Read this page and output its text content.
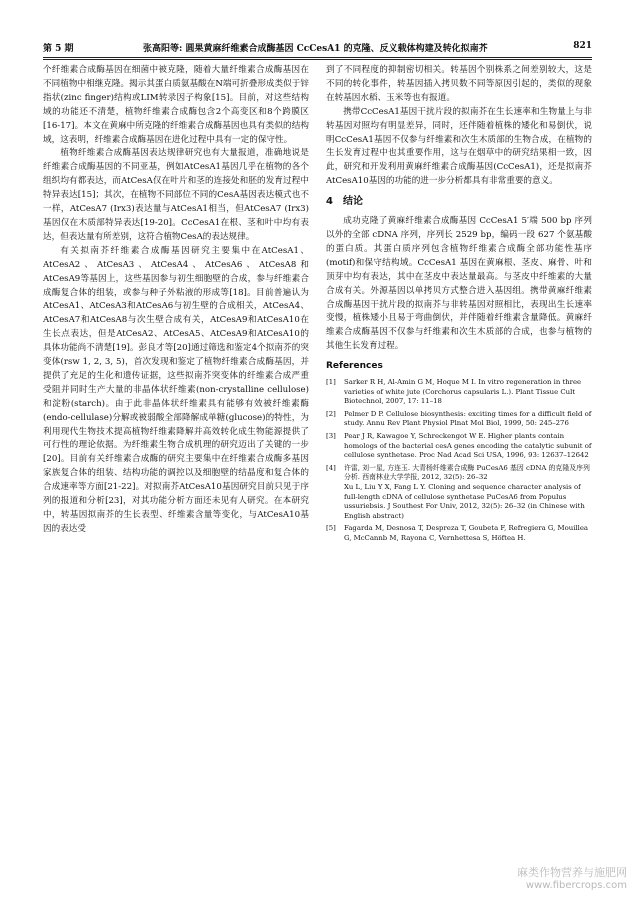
第 5 期	张高阳等: 圆果黄麻纤维素合成酶基因 CcCesA1 的克隆、反义载体构建及转化拟南芥	821

个纤维素合成酶基因在细菌中被克隆，随着大量纤维素合成酶基因在不同植物中相继克隆。揭示其蛋白质氨基酸在N端可折叠形成类似于锌指状(zinc finger)结构或LIM转录因子构象[15]。目前，对这些结构域的功能还不清楚，植物纤维素合成酶包含2个高变区和8个跨膜区[16-17]。本文在黄麻中所克隆的纤维素合成酶基因也具有类似的结构域，这表明，纤维素合成酶基因在进化过程中具有一定的保守性。

植物纤维素合成酶基因表达规律研究也有大量报道，准确地说是纤维素合成酶基因的不同亚基，例如AtCesA1基因几乎在植物的各个组织均有都表达，而AtCesA仅在叶片和茎的连接处和胚的发育过程中特异表达[15]；其次，在植物不同部位不同的CesA基因表达模式也不一样，AtCesA7 (Irx3)表达量与AtCesA1相当，但AtCesA7 (Irx3)基因仅在木质部特异表达[19-20]。CcCesA1在根、茎和叶中均有表达，但表达量有所差别，这符合植物CesA的表达规律。

有关拟南芥纤维素合成酶基因研究主要集中在AtCesA1、AtCesA2、AtCesA3、AtCesA4、AtCesA6、AtCesA8和AtCesA9等基因上，这些基因参与初生细胞壁的合成，参与纤维素合成酶复合体的组装，或参与种子外粘液的形成等[18]。目前普遍认为AtCesA1、AtCesA3和AtCesA6与初生壁的合成相关，AtCesA4、AtCesA7和AtCesA8与次生壁合成有关，AtCesA9和AtCesA10在生长点表达，但是AtCesA2、AtCesA5、AtCesA9和AtCesA10的具体功能尚不清楚[19]。彭良才等[20]通过筛选和鉴定4个拟南芥的突变体(rsw 1, 2, 3, 5)，首次发现和鉴定了植物纤维素合成酶基因，并提供了充足的生化和遗传证据，这些拟南芥突变体的纤维素合成严重受阻并同时生产大量的非晶体状纤维素(non-crystalline cellulose)和淀粉(starch)。由于此非晶体状纤维素具有能够有效被纤维素酶(endo-cellulase)分解或被弱酸全部降解成单糖(glucose)的特性，为利用现代生物技术提高植物纤维素降解并高效转化成生物能源提供了可行性的理论依据。为纤维素生物合成机理的研究迈出了关键的一步[20]。目前有关纤维素合成酶的研究主要集中在纤维素合成酶多基因家族复合体的组装、结构功能的调控以及细胞壁的结晶度和复合体的合成速率等方面[21-22]。对拟南芥AtCesA10基因研究目前只见于序列的报道和分析[23]，对其功能分析方面还未见有人研究。在本研究中，转基因拟南芥的生长表型、纤维素含量等变化，与AtCesA10基因的表达受

到了不同程度的抑制密切相关。转基因个别株系之间差别较大，这是不同的转化事件，转基因插入拷贝数不同等原因引起的，类似的现象在转基因水稻、玉米等也有报道。

携带CcCesA1基因干扰片段的拟南芥在生长速率和生物量上与非转基因对照均有明显差异，同时，还伴随着植株的矮化和易倒伏，说明CcCesA1基因不仅参与纤维素和次生木质部的生物合成，在植物的生长发育过程中也其重要作用，这与在烟草中的研究结果相一致，因此，研究和开发利用黄麻纤维素合成酶基因(CcCesA1)，还是拟南芥AtCesA10基因的功能的进一步分析都具有非常重要的意义。

4　结论

成功克隆了黄麻纤维素合成酶基因 CcCesA1 5′端 500 bp 序列以外的全部 cDNA 序列，序列长 2529 bp，编码一段 627 个氨基酸的蛋白质。其蛋白质序列包含植物纤维素合成酶全部功能性基序(motif)和保守结构域。CcCesA1 基因在黄麻根、茎皮、麻骨、叶和顶芽中均有表达，其中在茎皮中表达量最高。与茎皮中纤维素的大量合成有关。外源基因以单拷贝方式整合进入基因组。携带黄麻纤维素合成酶基因干扰片段的拟南芥与非转基因对照相比，表现出生长速率变慢，植株矮小且易于弯曲倒伏，并伴随着纤维素含量降低。黄麻纤维素合成酶基因不仅参与纤维素和次生木质部的合成，也参与植物的其他生长发育过程。

References
[1] Sarker R H, Al-Amin G M, Hoque M I. In vitro regeneration in three varieties of white jute (Corchorus capsularis L.). Plant Tissue Cult Biotechnol, 2007, 17: 11–18
[2] Pelmer D P. Cellulose biosynthesis: exciting times for a difficult field of study. Annu Rev Plant Physiol Plnat Mol Biol, 1999, 50: 245–276
[3] Pear J R, Kawagoe Y, Schreckengot W E. Higher plants contain homologs of the bacterial cesA genes encoding the catalytic subunit of cellulose synthetase. Proc Nad Acad Sci USA, 1996, 93: 12637–12642
[4] 许雷, 刘一星, 方连玉. 大青杨纤维素合成酶 PuCesA6 基因 cDNA 的克隆及序列分析. 西南林业大学学报, 2012, 32(5): 26–32
Xu L, Liu Y X, Fang L Y. Cloning and sequence character analysis of full-length cDNA of cellulose synthetase PuCesA6 from Populus ussuriebsis. J Southest For Univ, 2012, 32(5): 26–32 (in Chinese with English abstract)
[5] Fagarda M, Desnosa T, Despreza T, Goubeta F, Refregiera G, Mouillea G, McCannb M, Rayona C, Vernhettesa S, Höftea H.
麻类作物营养与施肥网
www.fibercrops.com
